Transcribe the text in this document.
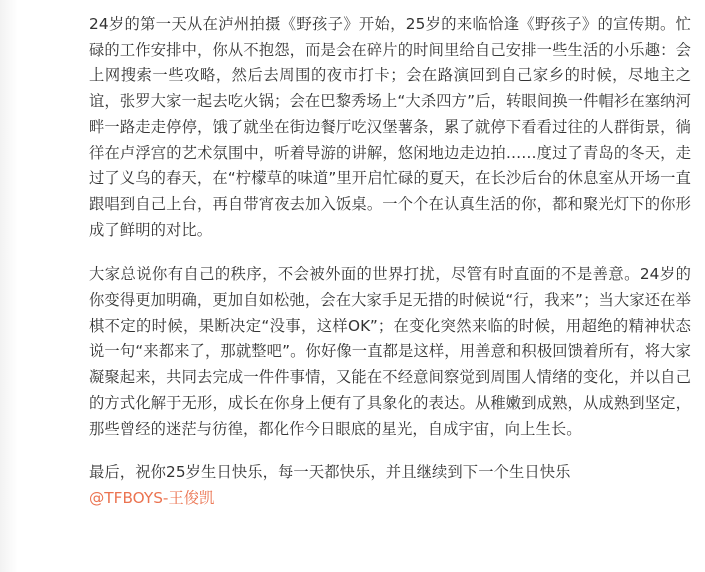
24岁的第一天从在泸州拍摄《野孩子》开始，25岁的来临恰逢《野孩子》的宣传期。忙碌的工作安排中，你从不抱怨，而是会在碎片的时间里给自己安排一些生活的小乐趣：会上网搜索一些攻略，然后去周围的夜市打卡；会在路演回到自己家乡的时候，尽地主之谊，张罗大家一起去吃火锅；会在巴黎秀场上“大杀四方”后，转眼间换一件帽衫在塞纳河畔一路走走停停，饿了就坐在街边餐厅吃汉堡薯条，累了就停下看看过往的人群街景，徜徉在卢浮宫的艺术氛围中，听着导游的讲解，悠闲地边走边拍……度过了青岛的冬天，走过了义乌的春天，在“柠檬草的味道”里开启忙碌的夏天，在长沙后台的休息室从开场一直跟唱到自己上台，再自带宵夜去加入饭桌。一个个在认真生活的你，都和聚光灯下的你形成了鲜明的对比。

大家总说你有自己的秩序，不会被外面的世界打扰，尽管有时直面的不是善意。24岁的你变得更加明确，更加自如松弛，会在大家手足无措的时候说“行，我来”；当大家还在举棋不定的时候，果断决定“没事，这样OK”；在变化突然来临的时候，用超绝的精神状态说一句“来都来了，那就整吧”。你好像一直都是这样，用善意和积极回馈着所有，将大家凝聚起来，共同去完成一件件事情，又能在不经意间察觉到周围人情绪的变化，并以自己的方式化解于无形，成长在你身上便有了具象化的表达。从稚嫩到成熟，从成熟到坚定，那些曾经的迷茫与彷徨，都化作今日眼底的星光，自成宇宙，向上生长。

最后，祝你25岁生日快乐，每一天都快乐，并且继续到下一个生日快乐

@TFBOYS-王俊凯
